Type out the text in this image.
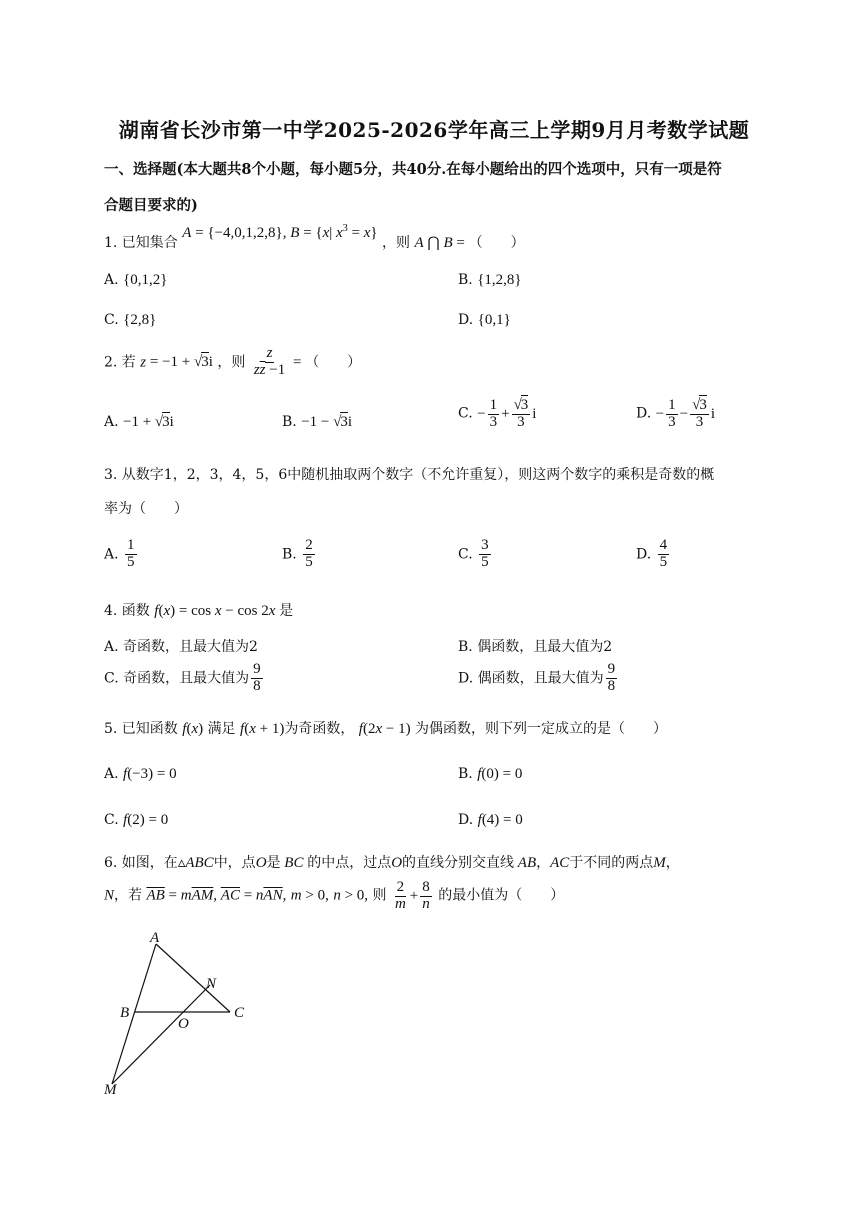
湖南省长沙市第一中学2025-2026学年高三上学期9月月考数学试题
一、选择题(本大题共8个小题，每小题5分，共40分.在每小题给出的四个选项中，只有一项是符
合题目要求的)
1. 已知集合 A = {−4,0,1,2,8}, B = {x| $x^3 = x$} ，则 A ⋂ B = （　　）
A. {0,1,2}	B. {1,2,8}
C. {2,8}	D. {0,1}
2. 若 z = −1 + √3i ，则 $\frac{z}{z\overline{z} -1}$ = （　　）
A. −1 + √3i	B. −1 − √3i
C. − $\frac{1}{3} + \frac{√3}{3}$ i	D. − $\frac{1}{3} - \frac{√3}{3}$ i
3. 从数字1，2，3，4，5，6中随机抽取两个数字（不允许重复），则这两个数字的乘积是奇数的概
率为（　　）
A. $\frac{1}{5}$	B. $\frac{2}{5}$	C. $\frac{3}{5}$	D. $\frac{4}{5}$
4. 函数 f(x) = cos x − cos 2x 是
A. 奇函数，且最大值为2	B. 偶函数，且最大值为2
C. 奇函数，且最大值为 $\frac{9}{8}$	D. 偶函数，且最大值为 $\frac{9}{8}$
5. 已知函数 f(x) 满足 f(x + 1)为奇函数， f(2x − 1) 为偶函数，则下列一定成立的是（　　）
A. f(−3) = 0	B. f(0) = 0
C. f(2) = 0	D. f(4) = 0
6. 如图，在▵ABC中，点O是 BC 的中点，过点O的直线分别交直线 AB，AC于不同的两点M，
N，若 $\overline{AB} = m\overline{AM}$, $\overline{AC} = n\overline{AN}$, m > 0, n > 0, 则 $\frac{2}{m} + \frac{8}{n}$ 的最小值为（　　）
A
B	C
N
O
M
